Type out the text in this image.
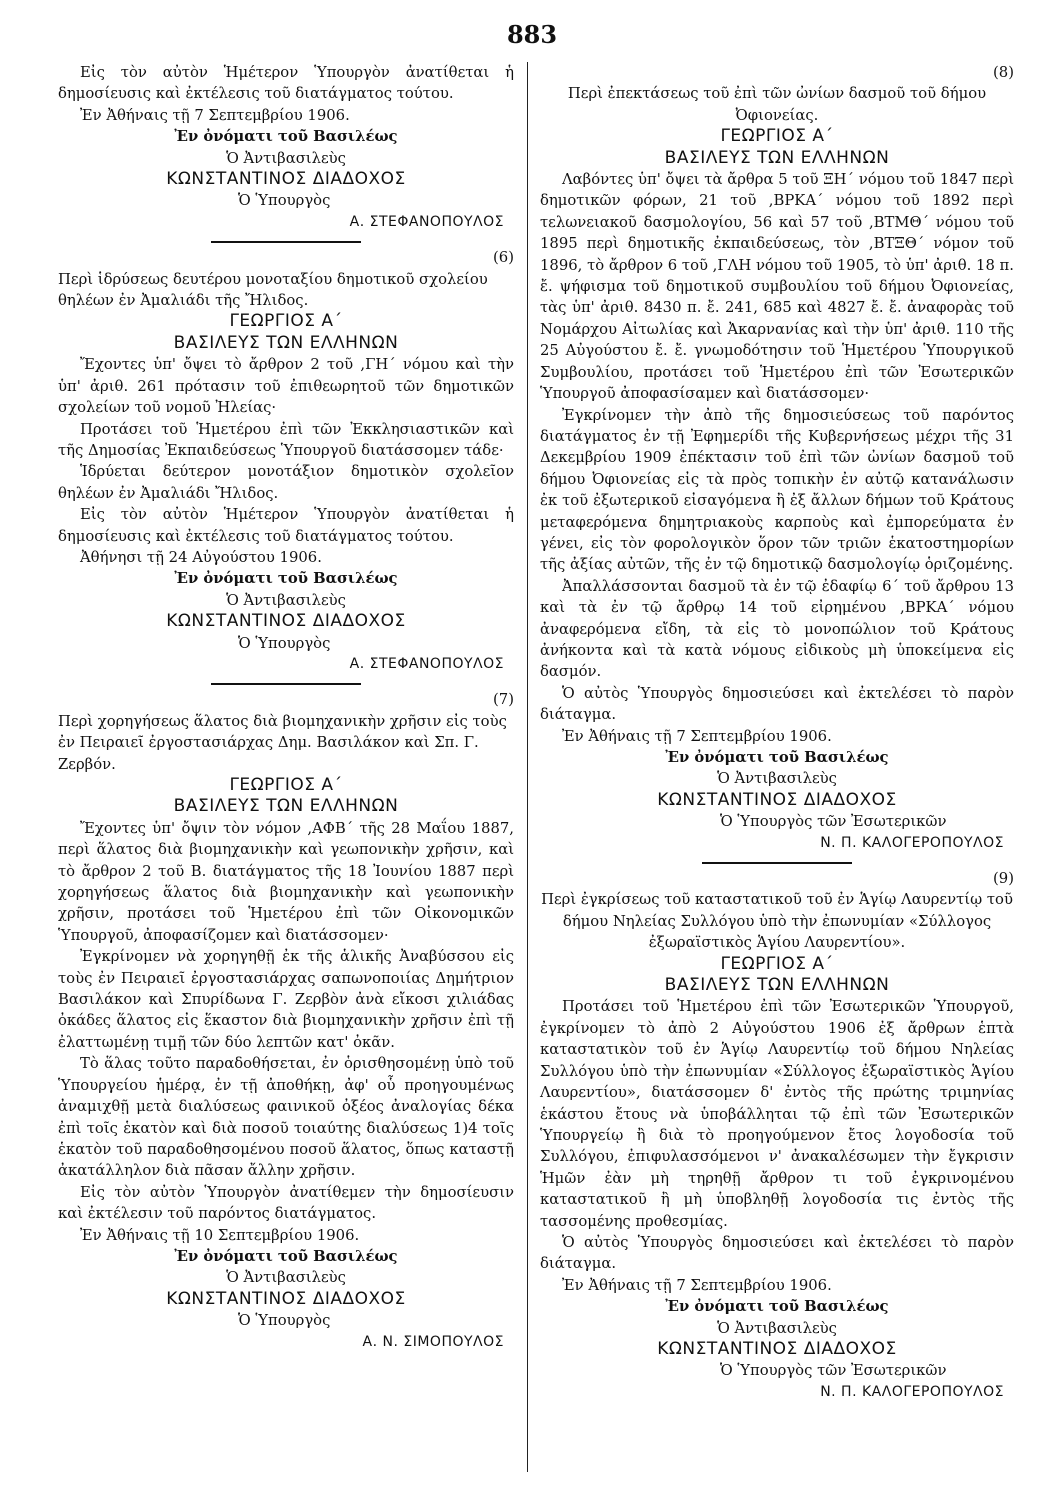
883

Εἰς τὸν αὐτὸν Ἡμέτερον Ὑπουργὸν ἀνατίθεται ἡ δημοσίευσις καὶ ἐκτέλεσις τοῦ διατάγματος τούτου.

Ἐν Ἀθήναις τῇ 7 Σεπτεμβρίου 1906.

Ἐν ὀνόματι τοῦ Βασιλέως

Ὁ Ἀντιβασιλεὺς

ΚΩΝΣΤΑΝΤΙΝΟΣ ΔΙΑΔΟΧΟΣ

Ὁ Ὑπουργὸς

Α. ΣΤΕΦΑΝΟΠΟΥΛΟΣ

(6)

Περὶ ἱδρύσεως δευτέρου μονοταξίου δημοτικοῦ σχολείου θηλέων ἐν Ἀμαλιάδι τῆς Ἤλιδος.

ΓΕΩΡΓΙΟΣ Α΄

ΒΑΣΙΛΕΥΣ ΤΩΝ ΕΛΛΗΝΩΝ

Ἔχοντες ὑπ' ὄψει τὸ ἄρθρον 2 τοῦ ,ΓΗ΄ νόμου καὶ τὴν ὑπ' ἀριθ. 261 πρότασιν τοῦ ἐπιθεωρητοῦ τῶν δημοτικῶν σχολείων τοῦ νομοῦ Ἠλείας·

Προτάσει τοῦ Ἡμετέρου ἐπὶ τῶν Ἐκκλησιαστικῶν καὶ τῆς Δημοσίας Ἐκπαιδεύσεως Ὑπουργοῦ διατάσσομεν τάδε·

Ἱδρύεται δεύτερον μονοτάξιον δημοτικὸν σχολεῖον θηλέων ἐν Ἀμαλιάδι Ἤλιδος.

Εἰς τὸν αὐτὸν Ἡμέτερον Ὑπουργὸν ἀνατίθεται ἡ δημοσίευσις καὶ ἐκτέλεσις τοῦ διατάγματος τούτου.

Ἀθήνησι τῇ 24 Αὐγούστου 1906.

Ἐν ὀνόματι τοῦ Βασιλέως

Ὁ Ἀντιβασιλεὺς

ΚΩΝΣΤΑΝΤΙΝΟΣ ΔΙΑΔΟΧΟΣ

Ὁ Ὑπουργὸς

Α. ΣΤΕΦΑΝΟΠΟΥΛΟΣ

(7)

Περὶ χορηγήσεως ἅλατος διὰ βιομηχανικὴν χρῆσιν εἰς τοὺς ἐν Πειραιεῖ ἐργοστασιάρχας Δημ. Βασιλάκον καὶ Σπ. Γ. Ζερβόν.

ΓΕΩΡΓΙΟΣ Α΄

ΒΑΣΙΛΕΥΣ ΤΩΝ ΕΛΛΗΝΩΝ

Ἔχοντες ὑπ' ὄψιν τὸν νόμον ,ΑΦΒ΄ τῆς 28 Μαΐου 1887, περὶ ἅλατος διὰ βιομηχανικὴν καὶ γεωπονικὴν χρῆσιν, καὶ τὸ ἄρθρον 2 τοῦ Β. διατάγματος τῆς 18 Ἰουνίου 1887 περὶ χορηγήσεως ἅλατος διὰ βιομηχανικὴν καὶ γεωπονικὴν χρῆσιν, προτάσει τοῦ Ἡμετέρου ἐπὶ τῶν Οἰκονομικῶν Ὑπουργοῦ, ἀποφασίζομεν καὶ διατάσσομεν·

Ἐγκρίνομεν νὰ χορηγηθῇ ἐκ τῆς ἁλικῆς Ἀναβύσσου εἰς τοὺς ἐν Πειραιεῖ ἐργοστασιάρχας σαπωνοποιίας Δημήτριον Βασιλάκον καὶ Σπυρίδωνα Γ. Ζερβὸν ἀνὰ εἴκοσι χιλιάδας ὀκάδες ἅλατος εἰς ἕκαστον διὰ βιομηχανικὴν χρῆσιν ἐπὶ τῇ ἐλαττωμένῃ τιμῇ τῶν δύο λεπτῶν κατ' ὀκᾶν.

Τὸ ἅλας τοῦτο παραδοθήσεται, ἐν ὁρισθησομένῃ ὑπὸ τοῦ Ὑπουργείου ἡμέρᾳ, ἐν τῇ ἀποθήκῃ, ἀφ' οὗ προηγουμένως ἀναμιχθῇ μετὰ διαλύσεως φαινικοῦ ὀξέος ἀναλογίας δέκα ἐπὶ τοῖς ἑκατὸν καὶ διὰ ποσοῦ τοιαύτης διαλύσεως 1)4 τοῖς ἑκατὸν τοῦ παραδοθησομένου ποσοῦ ἅλατος, ὅπως καταστῇ ἀκατάλληλον διὰ πᾶσαν ἄλλην χρῆσιν.

Εἰς τὸν αὐτὸν Ὑπουργὸν ἀνατίθεμεν τὴν δημοσίευσιν καὶ ἐκτέλεσιν τοῦ παρόντος διατάγματος.

Ἐν Ἀθήναις τῇ 10 Σεπτεμβρίου 1906.

Ἐν ὀνόματι τοῦ Βασιλέως

Ὁ Ἀντιβασιλεὺς

ΚΩΝΣΤΑΝΤΙΝΟΣ ΔΙΑΔΟΧΟΣ

Ὁ Ὑπουργὸς

Α. Ν. ΣΙΜΟΠΟΥΛΟΣ

(8)

Περὶ ἐπεκτάσεως τοῦ ἐπὶ τῶν ὠνίων δασμοῦ τοῦ δήμου Ὀφιονείας.

ΓΕΩΡΓΙΟΣ Α΄

ΒΑΣΙΛΕΥΣ ΤΩΝ ΕΛΛΗΝΩΝ

Λαβόντες ὑπ' ὄψει τὰ ἄρθρα 5 τοῦ ΞΗ΄ νόμου τοῦ 1847 περὶ δημοτικῶν φόρων, 21 τοῦ ,ΒΡΚΑ΄ νόμου τοῦ 1892 περὶ τελωνειακοῦ δασμολογίου, 56 καὶ 57 τοῦ ,ΒΤΜΘ΄ νόμου τοῦ 1895 περὶ δημοτικῆς ἐκπαιδεύσεως, τὸν ,ΒΤΞΘ΄ νόμον τοῦ 1896, τὸ ἄρθρον 6 τοῦ ,ΓΛΗ νόμου τοῦ 1905, τὸ ὑπ' ἀριθ. 18 π. ἔ. ψήφισμα τοῦ δημοτικοῦ συμβουλίου τοῦ δήμου Ὀφιονείας, τὰς ὑπ' ἀριθ. 8430 π. ἔ. 241, 685 καὶ 4827 ἔ. ἔ. ἀναφορὰς τοῦ Νομάρχου Αἰτωλίας καὶ Ἀκαρνανίας καὶ τὴν ὑπ' ἀριθ. 110 τῆς 25 Αὐγούστου ἔ. ἔ. γνωμοδότησιν τοῦ Ἡμετέρου Ὑπουργικοῦ Συμβουλίου, προτάσει τοῦ Ἡμετέρου ἐπὶ τῶν Ἐσωτερικῶν Ὑπουργοῦ ἀποφασίσαμεν καὶ διατάσσομεν·

Ἐγκρίνομεν τὴν ἀπὸ τῆς δημοσιεύσεως τοῦ παρόντος διατάγματος ἐν τῇ Ἐφημερίδι τῆς Κυβερνήσεως μέχρι τῆς 31 Δεκεμβρίου 1909 ἐπέκτασιν τοῦ ἐπὶ τῶν ὠνίων δασμοῦ τοῦ δήμου Ὀφιονείας εἰς τὰ πρὸς τοπικὴν ἐν αὐτῷ κατανάλωσιν ἐκ τοῦ ἐξωτερικοῦ εἰσαγόμενα ἢ ἐξ ἄλλων δήμων τοῦ Κράτους μεταφερόμενα δημητριακοὺς καρποὺς καὶ ἐμπορεύματα ἐν γένει, εἰς τὸν φορολογικὸν ὅρον τῶν τριῶν ἑκατοστημορίων τῆς ἀξίας αὐτῶν, τῆς ἐν τῷ δημοτικῷ δασμολογίῳ ὁριζομένης.

Ἀπαλλάσσονται δασμοῦ τὰ ἐν τῷ ἐδαφίῳ 6΄ τοῦ ἄρθρου 13 καὶ τὰ ἐν τῷ ἄρθρῳ 14 τοῦ εἰρημένου ,ΒΡΚΑ΄ νόμου ἀναφερόμενα εἴδη, τὰ εἰς τὸ μονοπώλιον τοῦ Κράτους ἀνήκοντα καὶ τὰ κατὰ νόμους εἰδικοὺς μὴ ὑποκείμενα εἰς δασμόν.

Ὁ αὐτὸς Ὑπουργὸς δημοσιεύσει καὶ ἐκτελέσει τὸ παρὸν διάταγμα.

Ἐν Ἀθήναις τῇ 7 Σεπτεμβρίου 1906.

Ἐν ὀνόματι τοῦ Βασιλέως

Ὁ Ἀντιβασιλεὺς

ΚΩΝΣΤΑΝΤΙΝΟΣ ΔΙΑΔΟΧΟΣ

Ὁ Ὑπουργὸς τῶν Ἐσωτερικῶν

Ν. Π. ΚΑΛΟΓΕΡΟΠΟΥΛΟΣ

(9)

Περὶ ἐγκρίσεως τοῦ καταστατικοῦ τοῦ ἐν Ἁγίῳ Λαυρεντίῳ τοῦ δήμου Νηλείας Συλλόγου ὑπὸ τὴν ἐπωνυμίαν «Σύλλογος ἐξωραϊστικὸς Ἁγίου Λαυρεντίου».

ΓΕΩΡΓΙΟΣ Α΄

ΒΑΣΙΛΕΥΣ ΤΩΝ ΕΛΛΗΝΩΝ

Προτάσει τοῦ Ἡμετέρου ἐπὶ τῶν Ἐσωτερικῶν Ὑπουργοῦ, ἐγκρίνομεν τὸ ἀπὸ 2 Αὐγούστου 1906 ἐξ ἄρθρων ἑπτὰ καταστατικὸν τοῦ ἐν Ἁγίῳ Λαυρεντίῳ τοῦ δήμου Νηλείας Συλλόγου ὑπὸ τὴν ἐπωνυμίαν «Σύλλογος ἐξωραϊστικὸς Ἁγίου Λαυρεντίου», διατάσσομεν δ' ἐντὸς τῆς πρώτης τριμηνίας ἑκάστου ἔτους νὰ ὑποβάλληται τῷ ἐπὶ τῶν Ἐσωτερικῶν Ὑπουργείῳ ἢ διὰ τὸ προηγούμενον ἔτος λογοδοσία τοῦ Συλλόγου, ἐπιφυλασσόμενοι ν' ἀνακαλέσωμεν τὴν ἔγκρισιν Ἡμῶν ἐὰν μὴ τηρηθῇ ἄρθρον τι τοῦ ἐγκρινομένου καταστατικοῦ ἢ μὴ ὑποβληθῇ λογοδοσία τις ἐντὸς τῆς τασσομένης προθεσμίας.

Ὁ αὐτὸς Ὑπουργὸς δημοσιεύσει καὶ ἐκτελέσει τὸ παρὸν διάταγμα.

Ἐν Ἀθήναις τῇ 7 Σεπτεμβρίου 1906.

Ἐν ὀνόματι τοῦ Βασιλέως

Ὁ Ἀντιβασιλεὺς

ΚΩΝΣΤΑΝΤΙΝΟΣ ΔΙΑΔΟΧΟΣ

Ὁ Ὑπουργὸς τῶν Ἐσωτερικῶν

Ν. Π. ΚΑΛΟΓΕΡΟΠΟΥΛΟΣ
